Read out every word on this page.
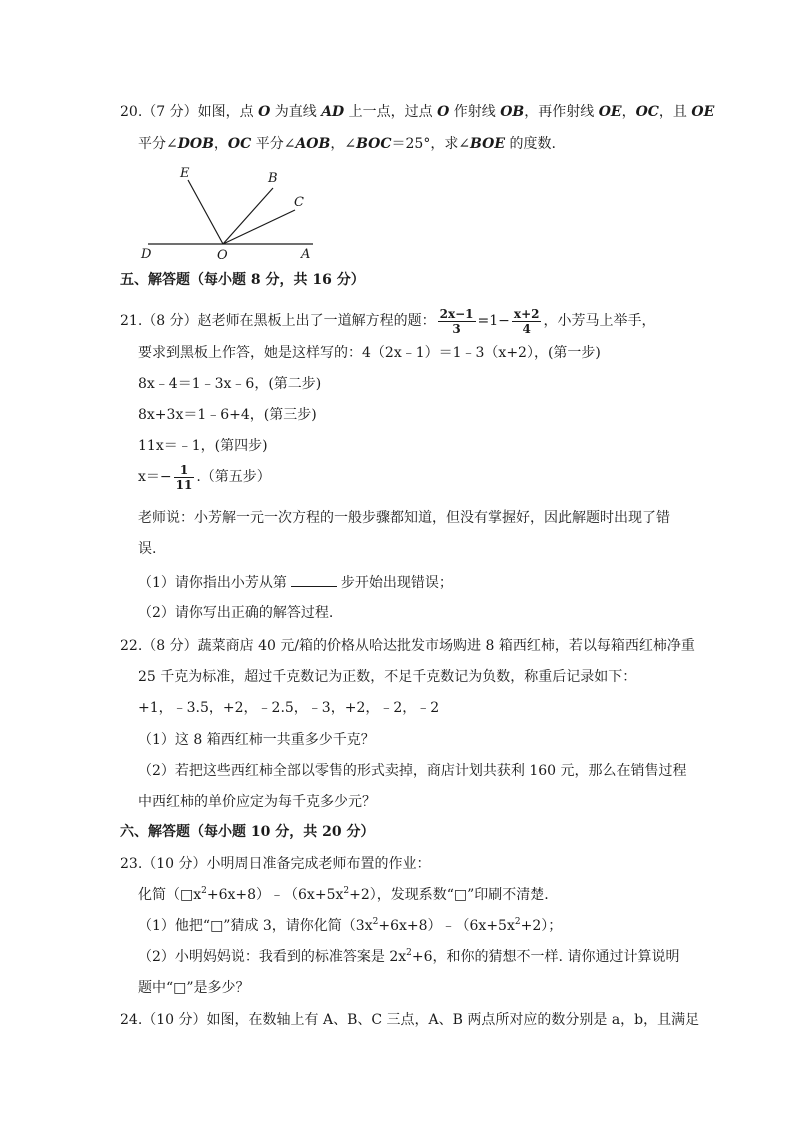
20.（7 分）如图，点 O 为直线 AD 上一点，过点 O 作射线 OB，再作射线 OE，OC，且 OE
平分∠DOB，OC 平分∠AOB，∠BOC＝25°，求∠BOE 的度数.
E	B
C
D	O	A
五、解答题（每小题 8 分，共 16 分）
21.（8 分）赵老师在黑板上出了一道解方程的题： $\frac{2x-1}{3} =1- \frac{x+2}{4}$ ，小芳马上举手，
要求到黑板上作答，她是这样写的：4（2x﹣1）＝1﹣3（x+2），(第一步)
8x﹣4＝1﹣3x﹣6，(第二步)
8x+3x＝1﹣6+4，(第三步)
11x＝﹣1，(第四步)
$x=- \frac{1}{11}$ .（第五步）
老师说：小芳解一元一次方程的一般步骤都知道，但没有掌握好，因此解题时出现了错
误.
（1）请你指出小芳从第	步开始出现错误；
（2）请你写出正确的解答过程.
22.（8 分）蔬菜商店 40 元/箱的价格从哈达批发市场购进 8 箱西红柿，若以每箱西红柿净重
25 千克为标准，超过千克数记为正数，不足千克数记为负数，称重后记录如下：
+1，﹣3.5，+2，﹣2.5，﹣3，+2，﹣2，﹣2
（1）这 8 箱西红柿一共重多少千克？
（2）若把这些西红柿全部以零售的形式卖掉，商店计划共获利 160 元，那么在销售过程
中西红柿的单价应定为每千克多少元？
六、解答题（每小题 10 分，共 20 分）
23.（10 分）小明周日准备完成老师布置的作业：
化简$(□x^2+6x+8)﹣(6x+5x^2+2)$，发现系数“□”印刷不清楚.
（1）他把“□”猜成 3，请你化简$(3x^2+6x+8)﹣(6x+5x^2+2)$；
（2）小明妈妈说：我看到的标准答案是 $2x^2+6$，和你的猜想不一样. 请你通过计算说明
题中“□”是多少？
24.（10 分）如图，在数轴上有 A、B、C 三点，A、B 两点所对应的数分别是 a，b，且满足
